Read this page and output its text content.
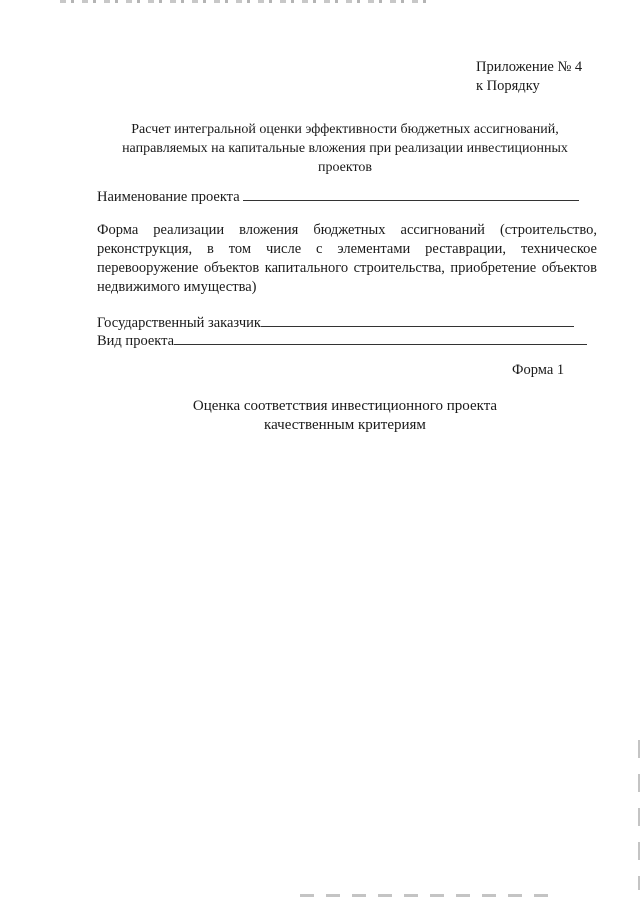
Приложение № 4
к Порядку
Расчет интегральной оценки эффективности бюджетных ассигнований,
направляемых на капитальные вложения при реализации инвестиционных
проектов
Наименование проекта
Форма реализации вложения бюджетных ассигнований (строительство, реконструкция, в том числе с элементами реставрации, техническое перевооружение объектов капитального строительства, приобретение объектов недвижимого имущества)
Государственный заказчик
Вид проекта
Форма 1
Оценка соответствия инвестиционного проекта
качественным критериям
